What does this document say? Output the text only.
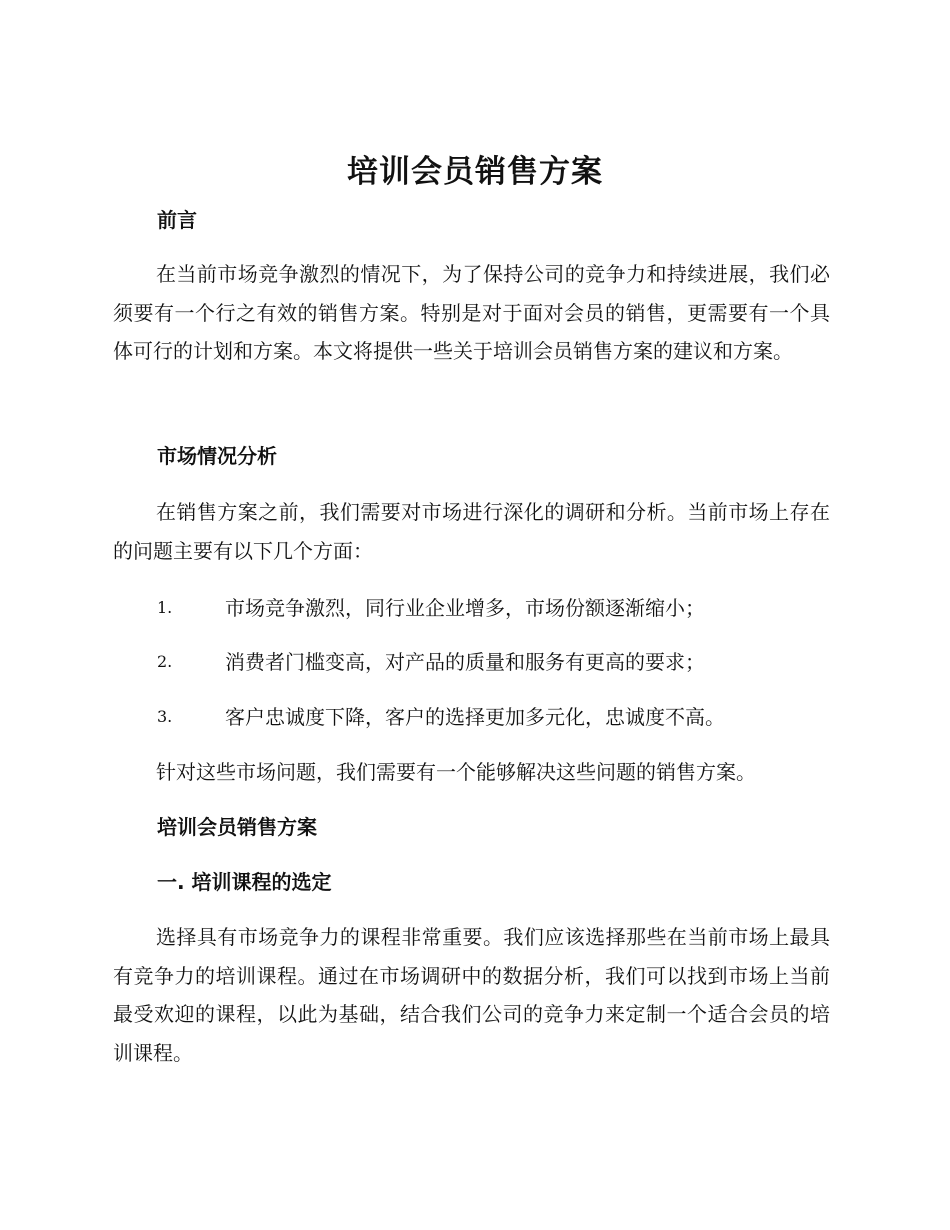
培训会员销售方案
前言

在当前市场竞争激烈的情况下，为了保持公司的竞争力和持续进展，我们必须要有一个行之有效的销售方案。特别是对于面对会员的销售，更需要有一个具体可行的计划和方案。本文将提供一些关于培训会员销售方案的建议和方案。

市场情况分析

在销售方案之前，我们需要对市场进行深化的调研和分析。当前市场上存在的问题主要有以下几个方面：

1.	市场竞争激烈，同行业企业增多，市场份额逐渐缩小；
2.	消费者门槛变高，对产品的质量和服务有更高的要求；
3.	客户忠诚度下降，客户的选择更加多元化，忠诚度不高。

针对这些市场问题，我们需要有一个能够解决这些问题的销售方案。

培训会员销售方案
一. 培训课程的选定

选择具有市场竞争力的课程非常重要。我们应该选择那些在当前市场上最具有竞争力的培训课程。通过在市场调研中的数据分析，我们可以找到市场上当前最受欢迎的课程，以此为基础，结合我们公司的竞争力来定制一个适合会员的培训课程。
